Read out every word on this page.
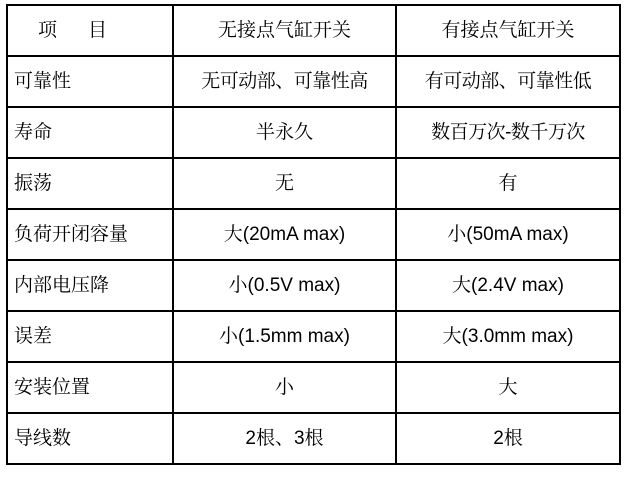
项　目	无接点气缸开关	有接点气缸开关
可靠性	无可动部、可靠性高	有可动部、可靠性低
寿命	半永久	数百万次-数千万次
振荡	无	有
负荷开闭容量	大(20mA max)	小(50mA max)
内部电压降	小(0.5V max)	大(2.4V max)
误差	小(1.5mm max)	大(3.0mm max)
安装位置	小	大
导线数	2根、3根	2根
